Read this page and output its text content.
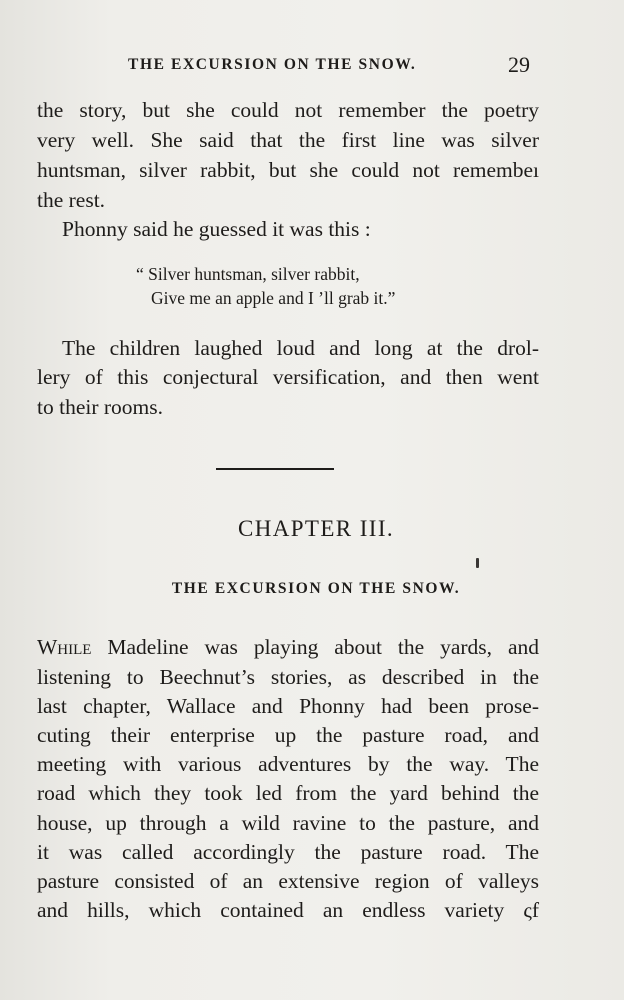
THE EXCURSION ON THE SNOW.	29
the story, but she could not remember the poetry
very well. She said that the first line was silver
huntsman, silver rabbit, but she could not remembeı
the rest.
Phonny said he guessed it was this :
“ Silver huntsman, silver rabbit,
Give me an apple and I ’ll grab it.”
The children laughed loud and long at the drol-
lery of this conjectural versification, and then went
to their rooms.
CHAPTER III.
THE EXCURSION ON THE SNOW.
While Madeline was playing about the yards, and
listening to Beechnut’s stories, as described in the
last chapter, Wallace and Phonny had been prose-
cuting their enterprise up the pasture road, and
meeting with various adventures by the way. The
road which they took led from the yard behind the
house, up through a wild ravine to the pasture, and
it was called accordingly the pasture road. The
pasture consisted of an extensive region of valleys
and hills, which contained an endless variety ςf
